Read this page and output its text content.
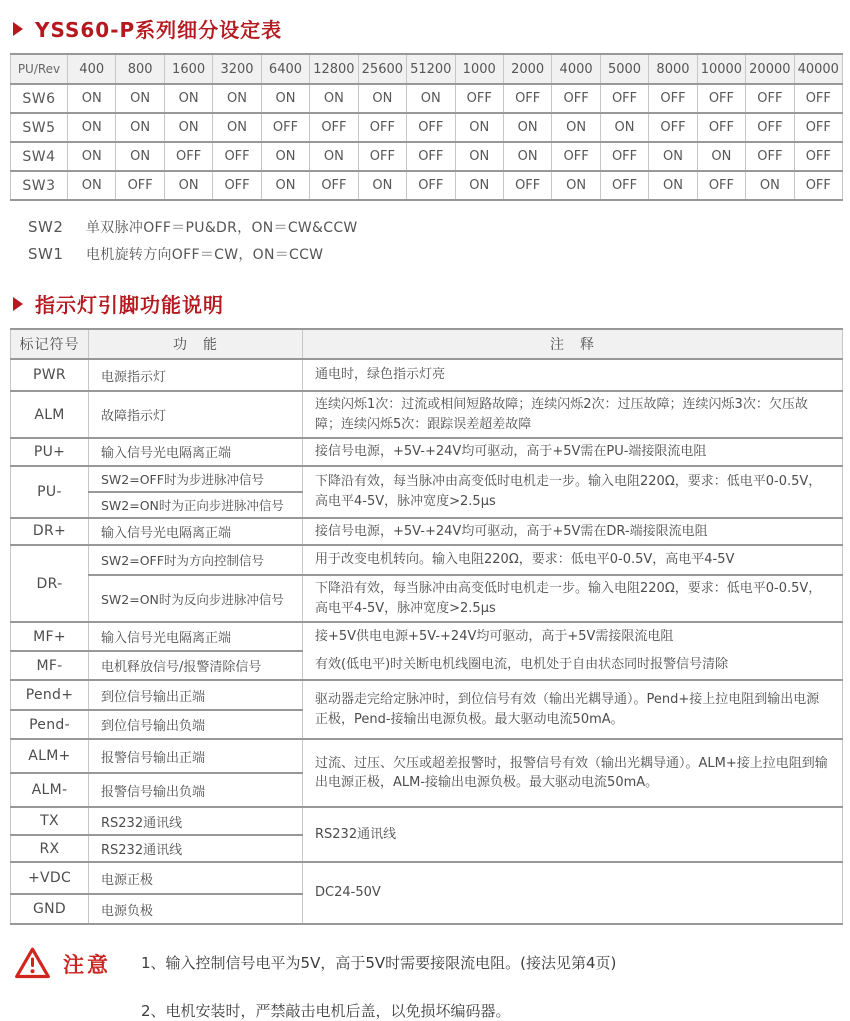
YSS60-P系列细分设定表
PU/Rev	400	800	1600	3200	6400	12800	25600	51200	1000	2000	4000	5000	8000	10000	20000	40000
SW6	ON	ON	ON	ON	ON	ON	ON	ON	OFF	OFF	OFF	OFF	OFF	OFF	OFF	OFF
SW5	ON	ON	ON	ON	OFF	OFF	OFF	OFF	ON	ON	ON	ON	OFF	OFF	OFF	OFF
SW4	ON	ON	OFF	OFF	ON	ON	OFF	OFF	ON	ON	OFF	OFF	ON	ON	OFF	OFF
SW3	ON	OFF	ON	OFF	ON	OFF	ON	OFF	ON	OFF	ON	OFF	ON	OFF	ON	OFF
SW2	单双脉冲OFF＝PU&DR，ON＝CW&CCW
SW1	电机旋转方向OFF＝CW，ON＝CCW
指示灯引脚功能说明
标记符号	功　能	注　释
PWR	电源指示灯	通电时，绿色指示灯亮
ALM	故障指示灯	连续闪烁1次：过流或相间短路故障；连续闪烁2次：过压故障；连续闪烁3次：欠压故障；连续闪烁5次：跟踪误差超差故障
PU+	输入信号光电隔离正端	接信号电源，+5V-+24V均可驱动，高于+5V需在PU-端接限流电阻
PU-	SW2=OFF时为步进脉冲信号	下降沿有效，每当脉冲由高变低时电机走一步。输入电阻220Ω，要求：低电平0-0.5V，高电平4-5V，脉冲宽度>2.5μs
	SW2=ON时为正向步进脉冲信号	
DR+	输入信号光电隔离正端	接信号电源，+5V-+24V均可驱动，高于+5V需在DR-端接限流电阻
DR-	SW2=OFF时为方向控制信号	用于改变电机转向。输入电阻220Ω，要求：低电平0-0.5V，高电平4-5V
	SW2=ON时为反向步进脉冲信号	下降沿有效，每当脉冲由高变低时电机走一步。输入电阻220Ω，要求：低电平0-0.5V，高电平4-5V，脉冲宽度>2.5μs
MF+	输入信号光电隔离正端	接+5V供电电源+5V-+24V均可驱动，高于+5V需接限流电阻
MF-	电机释放信号/报警清除信号	有效(低电平)时关断电机线圈电流，电机处于自由状态同时报警信号清除
Pend+	到位信号输出正端	驱动器走完给定脉冲时，到位信号有效（输出光耦导通）。Pend+接上拉电阻到输出电源正极，Pend-接输出电源负极。最大驱动电流50mA。
Pend-	到位信号输出负端	
ALM+	报警信号输出正端	过流、过压、欠压或超差报警时，报警信号有效（输出光耦导通）。ALM+接上拉电阻到输出电源正极，ALM-接输出电源负极。最大驱动电流50mA。
ALM-	报警信号输出负端	
TX	RS232通讯线	RS232通讯线
RX	RS232通讯线	
+VDC	电源正极	DC24-50V
GND	电源负极	
注意 1、输入控制信号电平为5V，高于5V时需要接限流电阻。(接法见第4页)
2、电机安装时，严禁敲击电机后盖，以免损坏编码器。
